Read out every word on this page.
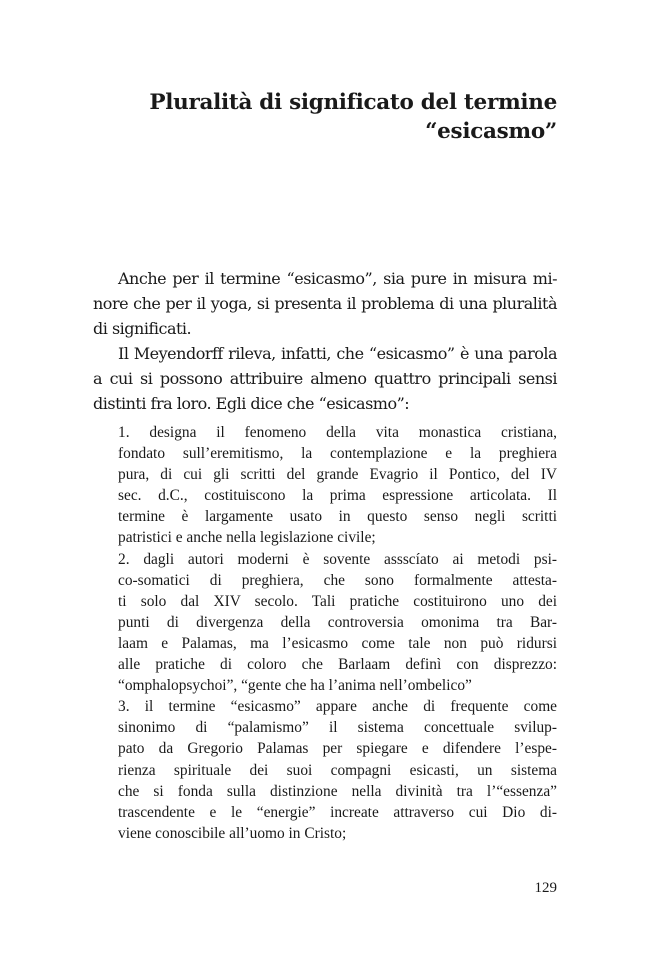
Pluralità di significato del termine
“esicasmo”
Anche per il termine “esicasmo”, sia pure in misura mi-
nore che per il yoga, si presenta il problema di una pluralità
di significati.
Il Meyendorff rileva, infatti, che “esicasmo” è una parola
a cui si possono attribuire almeno quattro principali sensi
distinti fra loro. Egli dice che “esicasmo”:
1. designa il fenomeno della vita monastica cristiana,
fondato sull’eremitismo, la contemplazione e la preghiera
pura, di cui gli scritti del grande Evagrio il Pontico, del IV
sec. d.C., costituiscono la prima espressione articolata. Il
termine è largamente usato in questo senso negli scritti
patristici e anche nella legislazione civile;
2. dagli autori moderni è sovente assscíato ai metodi psi-
co-somatici di preghiera, che sono formalmente attesta-
ti solo dal XIV secolo. Tali pratiche costituirono uno dei
punti di divergenza della controversia omonima tra Bar-
laam e Palamas, ma l’esicasmo come tale non può ridursi
alle pratiche di coloro che Barlaam definì con disprezzo:
“omphalopsychoi”, “gente che ha l’anima nell’ombelico”
3. il termine “esicasmo” appare anche di frequente come
sinonimo di “palamismo” il sistema concettuale svilup-
pato da Gregorio Palamas per spiegare e difendere l’espe-
rienza spirituale dei suoi compagni esicasti, un sistema
che si fonda sulla distinzione nella divinità tra l’“essenza”
trascendente e le “energie” increate attraverso cui Dio di-
viene conoscibile all’uomo in Cristo;
129
